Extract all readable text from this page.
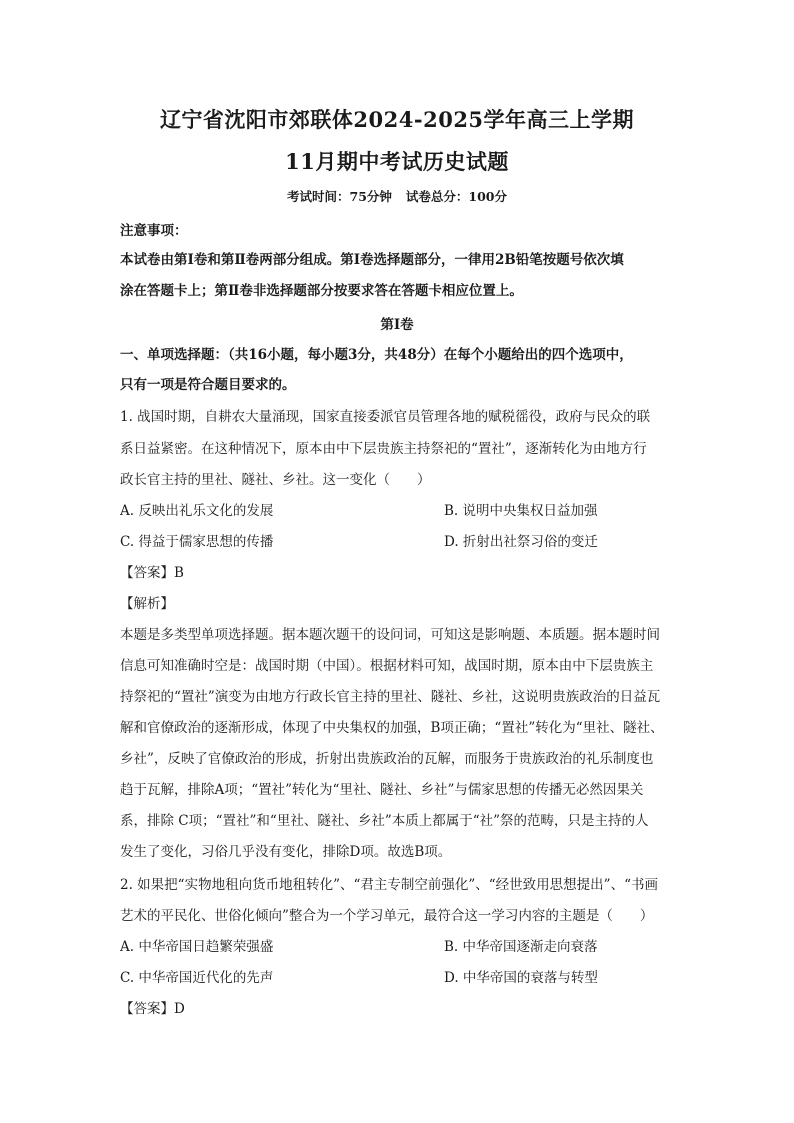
辽宁省沈阳市郊联体2024-2025学年高三上学期
11月期中考试历史试题
考试时间：75分钟 试卷总分：100分
注意事项：
本试卷由第Ⅰ卷和第Ⅱ卷两部分组成。第Ⅰ卷选择题部分，一律用2B铅笔按题号依次填
涂在答题卡上；第Ⅱ卷非选择题部分按要求答在答题卡相应位置上。
第Ⅰ卷
一、单项选择题：（共16小题，每小题3分，共48分）在每个小题给出的四个选项中，
只有一项是符合题目要求的。
1. 战国时期，自耕农大量涌现，国家直接委派官员管理各地的赋税徭役，政府与民众的联
系日益紧密。在这种情况下，原本由中下层贵族主持祭祀的“置社”，逐渐转化为由地方行
政长官主持的里社、隧社、乡社。这一变化（　　）
A. 反映出礼乐文化的发展	B. 说明中央集权日益加强
C. 得益于儒家思想的传播	D. 折射出社祭习俗的变迁
【答案】B
【解析】
本题是多类型单项选择题。据本题次题干的设问词，可知这是影响题、本质题。据本题时间
信息可知准确时空是：战国时期（中国）。根据材料可知，战国时期，原本由中下层贵族主
持祭祀的“置社”演变为由地方行政长官主持的里社、隧社、乡社，这说明贵族政治的日益瓦
解和官僚政治的逐渐形成，体现了中央集权的加强，B项正确；“置社”转化为“里社、隧社、
乡社”，反映了官僚政治的形成，折射出贵族政治的瓦解，而服务于贵族政治的礼乐制度也
趋于瓦解，排除A项；“置社”转化为“里社、隧社、乡社”与儒家思想的传播无必然因果关
系，排除 C项；“置社”和“里社、隧社、乡社”本质上都属于“社”祭的范畴，只是主持的人
发生了变化，习俗几乎没有变化，排除D项。故选B项。
2. 如果把“实物地租向货币地租转化”、“君主专制空前强化”、“经世致用思想提出”、“书画
艺术的平民化、世俗化倾向”整合为一个学习单元，最符合这一学习内容的主题是（　　）
A. 中华帝国日趋繁荣强盛	B. 中华帝国逐渐走向衰落
C. 中华帝国近代化的先声	D. 中华帝国的衰落与转型
【答案】D
